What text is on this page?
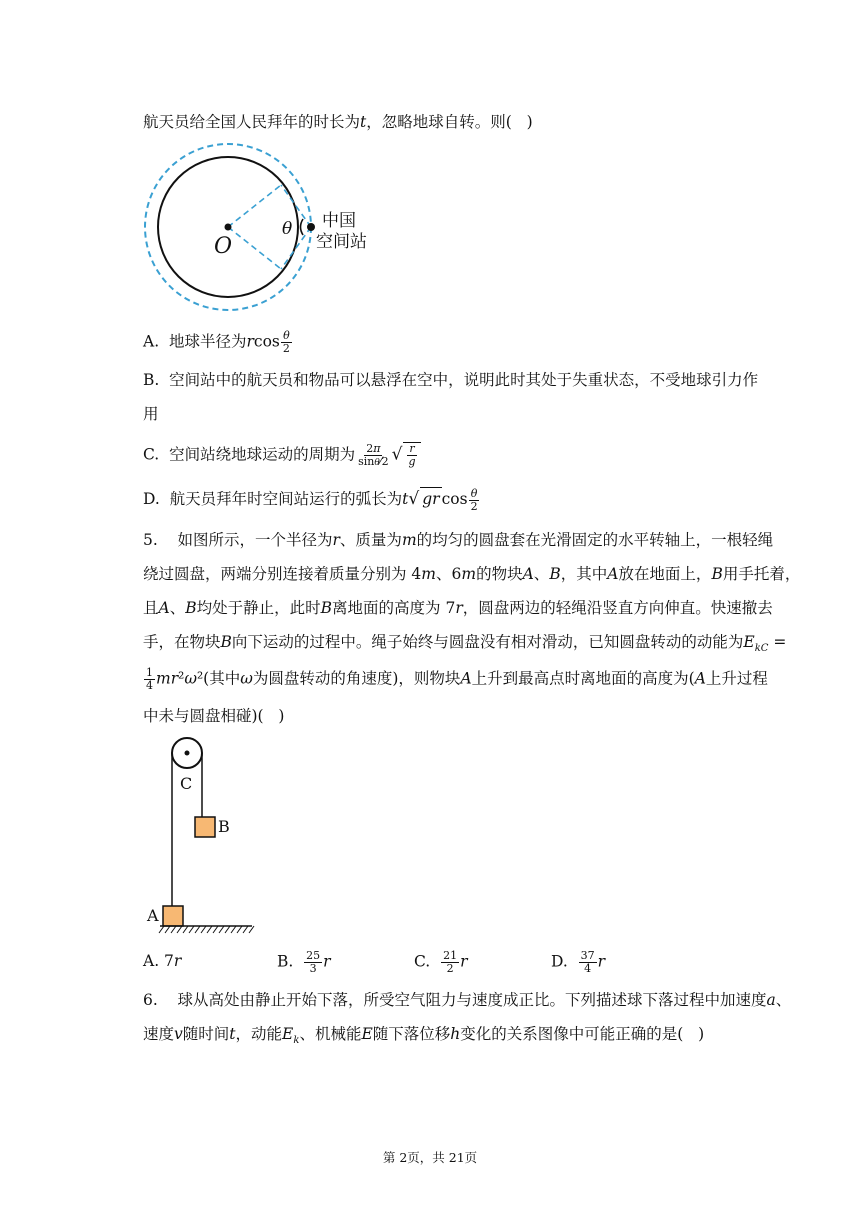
航天员给全国人民拜年的时长为t，忽略地球自转。则(   )
O
θ 中国
空间站
A.  地球半径为rcos $\frac{\theta}{2}$
B.  空间站中的航天员和物品可以悬浮在空中，说明此时其处于失重状态，不受地球引力作
用
C.  空间站绕地球运动的周期为 $\frac{2\pi}{\sin\theta⁄2}$ √ $\frac{r}{g}$
D.  航天员拜年时空间站运行的弧长为t√ gr $\cos \frac{\theta}{2}$
5.    如图所示，一个半径为r、质量为m的均匀的圆盘套在光滑固定的水平转轴上，一根轻绳
绕过圆盘，两端分别连接着质量分别为 4m、6m的物块A、B，其中A放在地面上，B用手托着，
且A、B均处于静止，此时B离地面的高度为 7r，圆盘两边的轻绳沿竖直方向伸直。快速撤去
手，在物块B向下运动的过程中。绳子始终与圆盘没有相对滑动，已知圆盘转动的动能为$E_{kC}$ =
$\frac{1}{4} mr^2\omega^2$(其中ω为圆盘转动的角速度)，则物块A上升到最高点时离地面的高度为(A上升过程
中未与圆盘相碰)(   )
C
B
A
A. 7r	B. $\frac{25}{3}$ r	C. $\frac{21}{2}$ r	D. $\frac{37}{4}$ r
6.    球从高处由静止开始下落，所受空气阻力与速度成正比。下列描述球下落过程中加速度a、
速度v随时间t，动能$E_k$、机械能E随下落位移h变化的关系图像中可能正确的是(   )
第 2页，共 21页
